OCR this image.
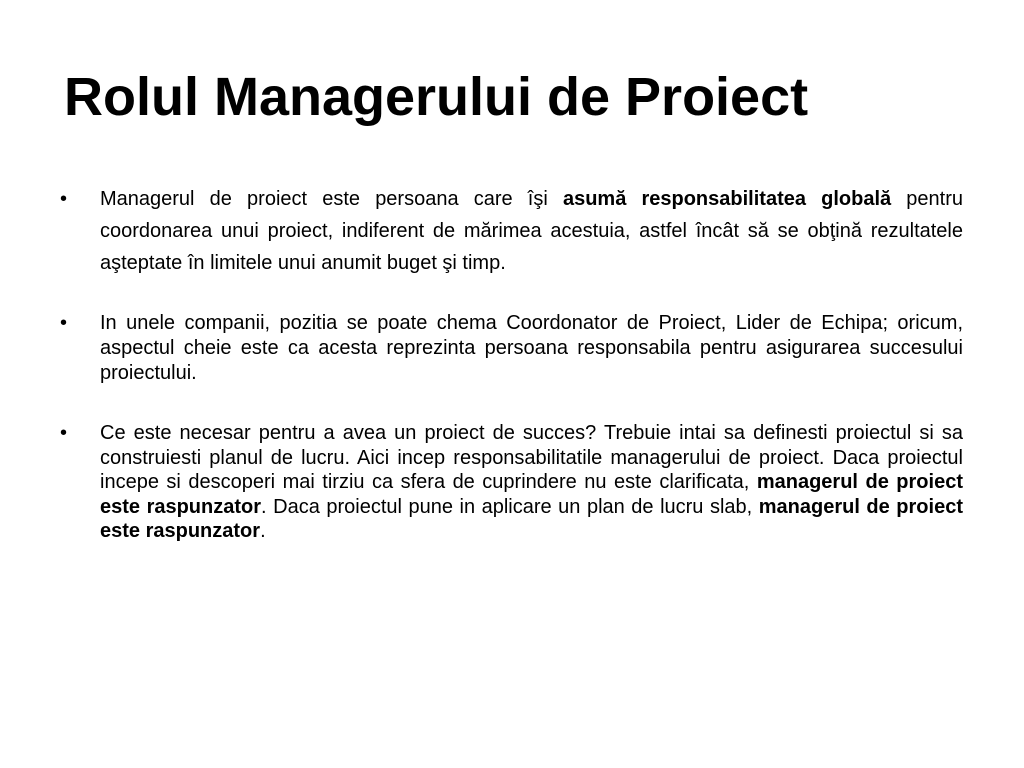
Rolul Managerului de Proiect
• Managerul de proiect este persoana care îşi asumă responsabilitatea globală pentru coordonarea unui proiect, indiferent de mărimea acestuia, astfel încât să se obţină rezultatele aşteptate în limitele unui anumit buget şi timp.
• In unele companii, pozitia se poate chema Coordonator de Proiect, Lider de Echipa; oricum, aspectul cheie este ca acesta reprezinta persoana responsabila pentru asigurarea succesului proiectului.
• Ce este necesar pentru a avea un proiect de succes? Trebuie intai sa definesti proiectul si sa construiesti planul de lucru. Aici incep responsabilitatile managerului de proiect. Daca proiectul incepe si descoperi mai tirziu ca sfera de cuprindere nu este clarificata, managerul de proiect este raspunzator. Daca proiectul pune in aplicare un plan de lucru slab, managerul de proiect este raspunzator.
